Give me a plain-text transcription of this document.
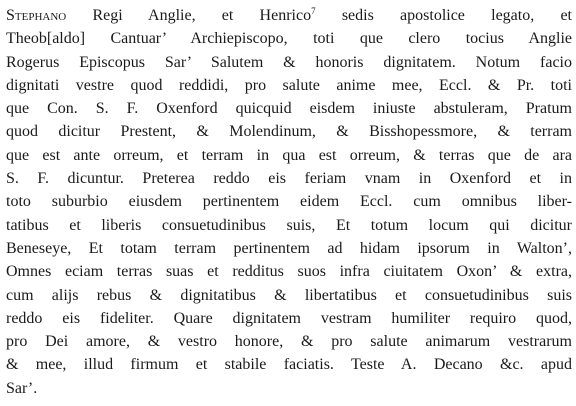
Stephano Regi Anglie, et Henrico$^7$ sedis apostolice legato, et
Theob[aldo] Cantuar’ Archiepiscopo, toti que clero tocius Anglie
Rogerus Episcopus Sar’ Salutem & honoris dignitatem. Notum facio
dignitati vestre quod reddidi, pro salute anime mee, Eccl. & Pr. toti
que Con. S. F. Oxenford quicquid eisdem iniuste abstuleram, Pratum
quod dicitur Prestent, & Molendinum, & Bisshopessmore, & terram
que est ante orreum, et terram in qua est orreum, & terras que de ara
S. F. dicuntur. Preterea reddo eis feriam vnam in Oxenford et in
toto suburbio eiusdem pertinentem eidem Eccl. cum omnibus liber-
tatibus et liberis consuetudinibus suis, Et totum locum qui dicitur
Beneseye, Et totam terram pertinentem ad hidam ipsorum in Walton’,
Omnes eciam terras suas et redditus suos infra ciuitatem Oxon’ & extra,
cum alijs rebus & dignitatibus & libertatibus et consuetudinibus suis
reddo eis fideliter. Quare dignitatem vestram humiliter requiro quod,
pro Dei amore, & vestro honore, & pro salute animarum vestrarum
& mee, illud firmum et stabile faciatis. Teste A. Decano &c. apud
Sar’.
